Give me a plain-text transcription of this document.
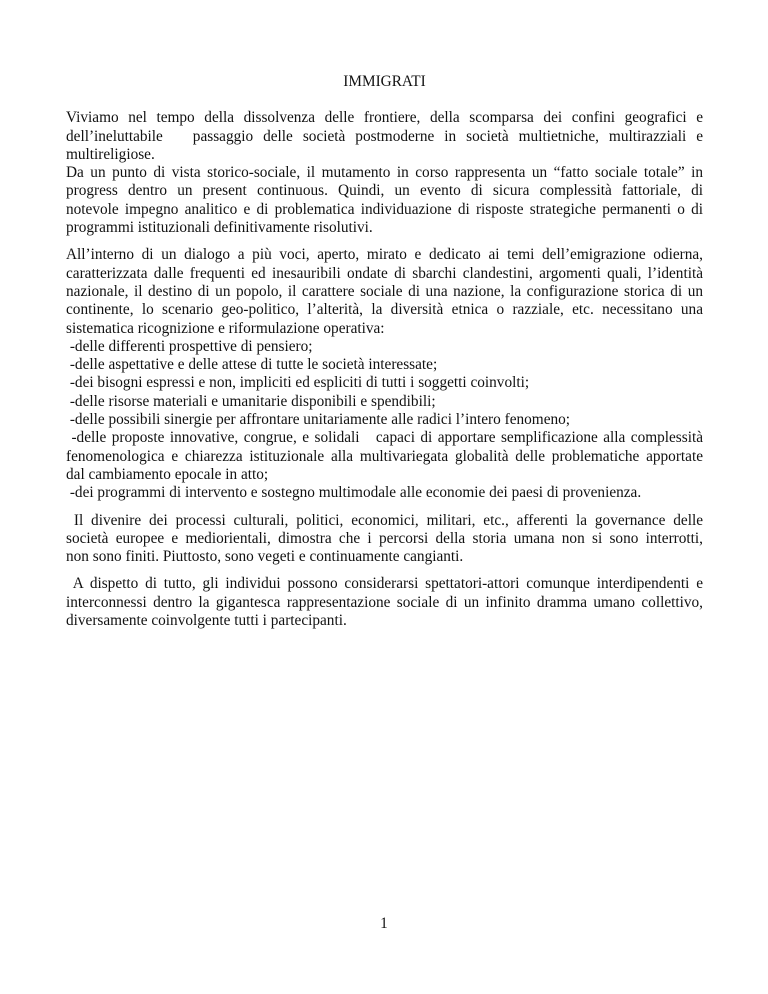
IMMIGRATI
Viviamo nel tempo della dissolvenza delle frontiere, della scomparsa dei confini geografici e
dell’ineluttabile   passaggio delle società postmoderne in società multietniche, multirazziali e
multireligiose.
Da un punto di vista storico-sociale, il mutamento in corso rappresenta un “fatto sociale totale” in
progress dentro un present continuous. Quindi, un evento di sicura complessità fattoriale, di
notevole impegno analitico e di problematica individuazione di risposte strategiche permanenti o di
programmi istituzionali definitivamente risolutivi.
All’interno di un dialogo a più voci, aperto, mirato e dedicato ai temi dell’emigrazione odierna,
caratterizzata dalle frequenti ed inesauribili ondate di sbarchi clandestini, argomenti quali, l’identità
nazionale, il destino di un popolo, il carattere sociale di una nazione, la configurazione storica di un
continente, lo scenario geo-politico, l’alterità, la diversità etnica o razziale, etc. necessitano una
sistematica ricognizione e riformulazione operativa:
-delle differenti prospettive di pensiero;
-delle aspettative e delle attese di tutte le società interessate;
-dei bisogni espressi e non, impliciti ed espliciti di tutti i soggetti coinvolti;
-delle risorse materiali e umanitarie disponibili e spendibili;
-delle possibili sinergie per affrontare unitariamente alle radici l’intero fenomeno;
-delle proposte innovative, congrue, e solidali   capaci di apportare semplificazione alla complessità
fenomenologica e chiarezza istituzionale alla multivariegata globalità delle problematiche apportate
dal cambiamento epocale in atto;
-dei programmi di intervento e sostegno multimodale alle economie dei paesi di provenienza.
Il divenire dei processi culturali, politici, economici, militari, etc., afferenti la governance delle
società europee e mediorientali, dimostra che i percorsi della storia umana non si sono interrotti,
non sono finiti. Piuttosto, sono vegeti e continuamente cangianti.
A dispetto di tutto, gli individui possono considerarsi spettatori-attori comunque interdipendenti e
interconnessi dentro la gigantesca rappresentazione sociale di un infinito dramma umano collettivo,
diversamente coinvolgente tutti i partecipanti.
1
